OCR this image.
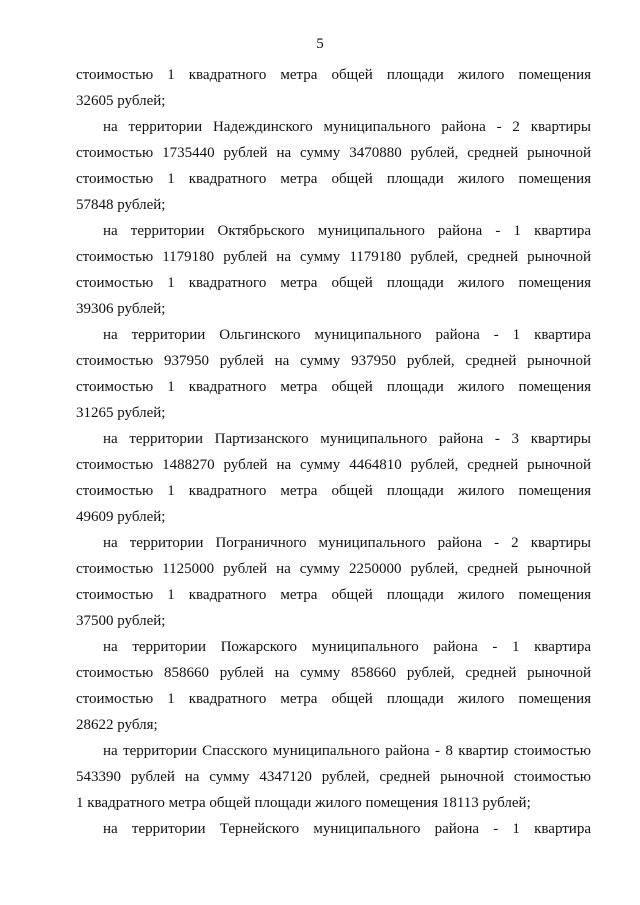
5
стоимостью 1 квадратного метра общей площади жилого помещения
32605 рублей;
на территории Надеждинского муниципального района - 2 квартиры
стоимостью 1735440 рублей на сумму 3470880 рублей, средней рыночной
стоимостью 1 квадратного метра общей площади жилого помещения
57848 рублей;
на территории Октябрьского муниципального района - 1 квартира
стоимостью 1179180 рублей на сумму 1179180 рублей, средней рыночной
стоимостью 1 квадратного метра общей площади жилого помещения
39306 рублей;
на территории Ольгинского муниципального района - 1 квартира
стоимостью 937950 рублей на сумму 937950 рублей, средней рыночной
стоимостью 1 квадратного метра общей площади жилого помещения
31265 рублей;
на территории Партизанского муниципального района - 3 квартиры
стоимостью 1488270 рублей на сумму 4464810 рублей, средней рыночной
стоимостью 1 квадратного метра общей площади жилого помещения
49609 рублей;
на территории Пограничного муниципального района - 2 квартиры
стоимостью 1125000 рублей на сумму 2250000 рублей, средней рыночной
стоимостью 1 квадратного метра общей площади жилого помещения
37500 рублей;
на территории Пожарского муниципального района - 1 квартира
стоимостью 858660 рублей на сумму 858660 рублей, средней рыночной
стоимостью 1 квадратного метра общей площади жилого помещения
28622 рубля;
на территории Спасского муниципального района - 8 квартир стоимостью
543390 рублей на сумму 4347120 рублей, средней рыночной стоимостью
1 квадратного метра общей площади жилого помещения 18113 рублей;
на территории Тернейского муниципального района - 1 квартира
